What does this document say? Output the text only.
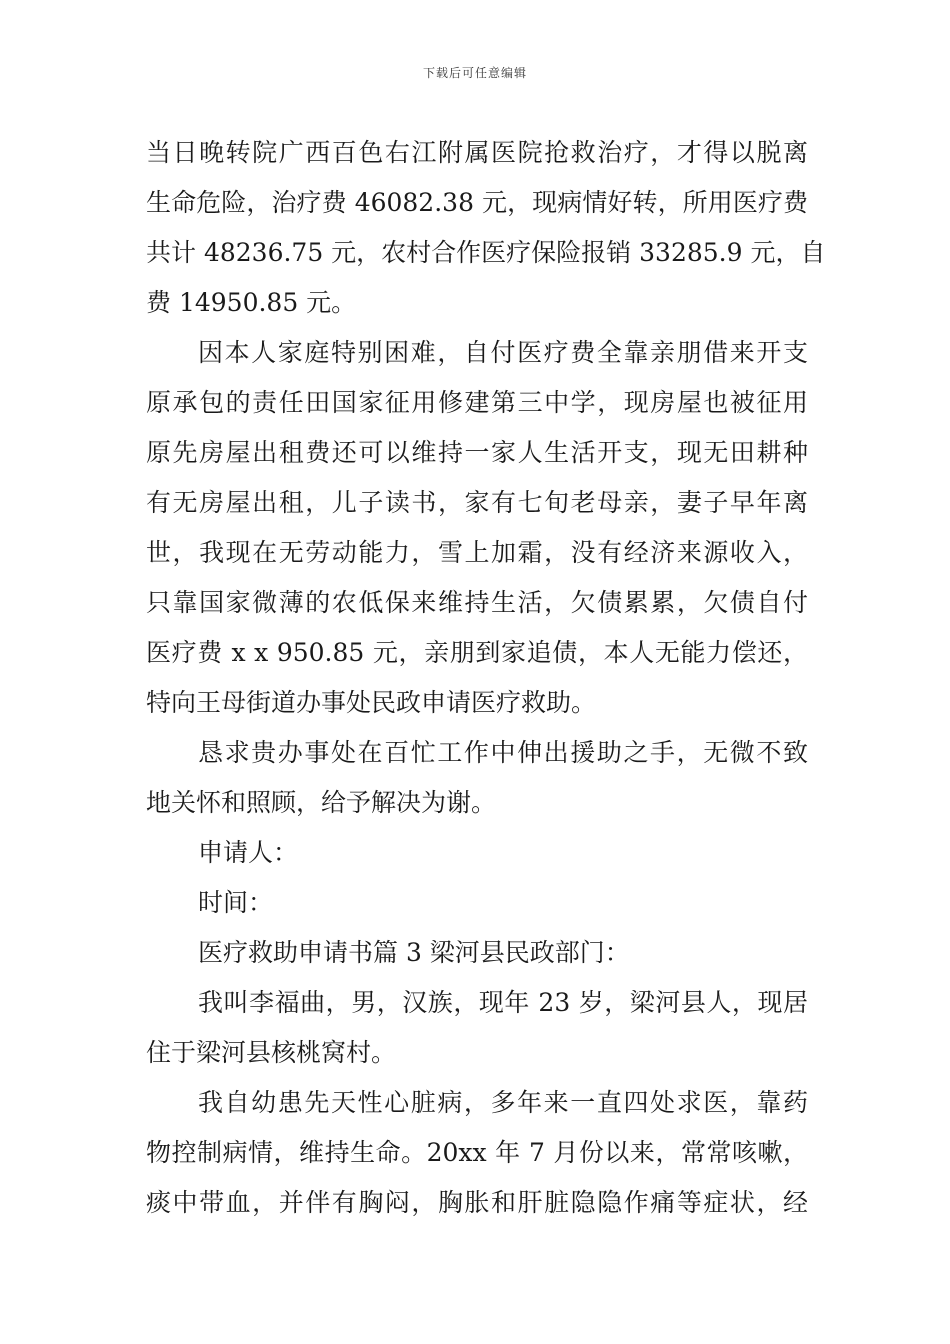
下载后可任意编辑
当日晚转院广西百色右江附属医院抢救治疗，才得以脱离
生命危险，治疗费 46082.38 元，现病情好转，所用医疗费
共计 48236.75 元，农村合作医疗保险报销 33285.9 元，自
费 14950.85 元。
因本人家庭特别困难，自付医疗费全靠亲朋借来开支
原承包的责任田国家征用修建第三中学，现房屋也被征用
原先房屋出租费还可以维持一家人生活开支，现无田耕种
有无房屋出租，儿子读书，家有七旬老母亲，妻子早年离
世，我现在无劳动能力，雪上加霜，没有经济来源收入，
只靠国家微薄的农低保来维持生活，欠债累累，欠债自付
医疗费 x x 950.85 元，亲朋到家追债，本人无能力偿还，
特向王母街道办事处民政申请医疗救助。
恳求贵办事处在百忙工作中伸出援助之手，无微不致
地关怀和照顾，给予解决为谢。
申请人：
时间：
医疗救助申请书篇 3 梁河县民政部门：
我叫李福曲，男，汉族，现年 23 岁，梁河县人，现居
住于梁河县核桃窝村。
我自幼患先天性心脏病，多年来一直四处求医，靠药
物控制病情，维持生命。20xx 年 7 月份以来，常常咳嗽，
痰中带血，并伴有胸闷，胸胀和肝脏隐隐作痛等症状，经
